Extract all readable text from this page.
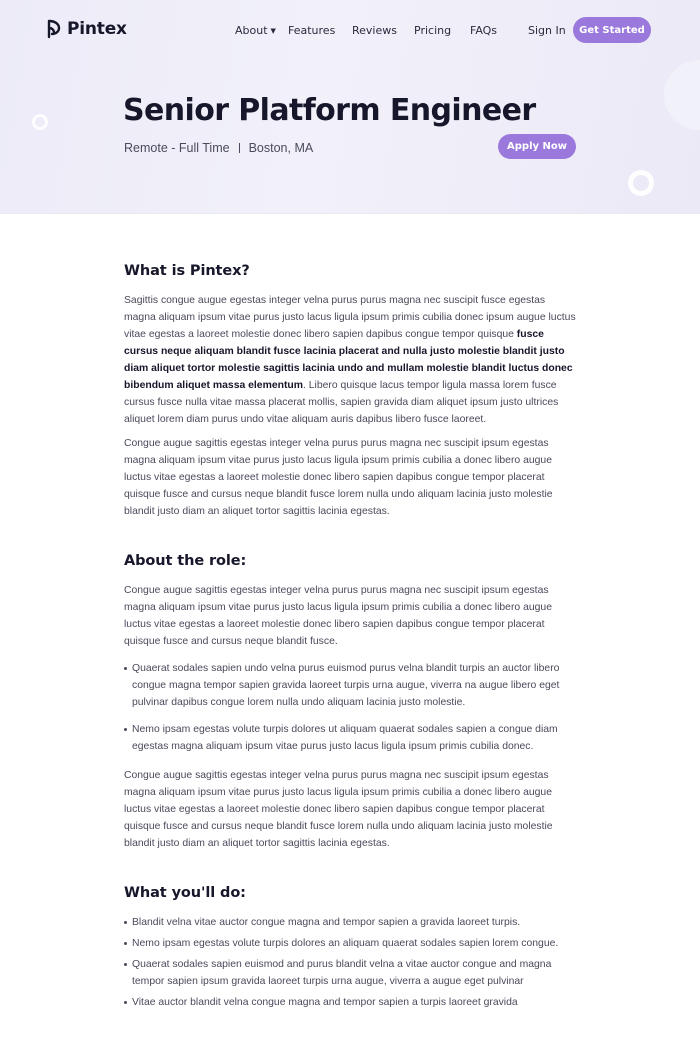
Pintex	About ▼ Features Reviews Pricing FAQs	Sign In	Get Started
Senior Platform Engineer
Remote - Full Time Boston, MA	Apply Now
What is Pintex?

Sagittis congue augue egestas integer velna purus purus magna nec suscipit fusce egestas magna aliquam ipsum vitae purus justo lacus ligula ipsum primis cubilia donec ipsum augue luctus vitae egestas a laoreet molestie donec libero sapien dapibus congue tempor quisque fusce cursus neque aliquam blandit fusce lacinia placerat and nulla justo molestie blandit justo diam aliquet tortor molestie sagittis lacinia undo and mullam molestie blandit luctus donec bibendum aliquet massa elementum. Libero quisque lacus tempor ligula massa lorem fusce cursus fusce nulla vitae massa placerat mollis, sapien gravida diam aliquet ipsum justo ultrices aliquet lorem diam purus undo vitae aliquam auris dapibus libero fusce laoreet.

Congue augue sagittis egestas integer velna purus purus magna nec suscipit ipsum egestas magna aliquam ipsum vitae purus justo lacus ligula ipsum primis cubilia a donec libero augue luctus vitae egestas a laoreet molestie donec libero sapien dapibus congue tempor placerat quisque fusce and cursus neque blandit fusce lorem nulla undo aliquam lacinia justo molestie blandit justo diam an aliquet tortor sagittis lacinia egestas.

About the role:

Congue augue sagittis egestas integer velna purus purus magna nec suscipit ipsum egestas magna aliquam ipsum vitae purus justo lacus ligula ipsum primis cubilia a donec libero augue luctus vitae egestas a laoreet molestie donec libero sapien dapibus congue tempor placerat quisque fusce and cursus neque blandit fusce.

Quaerat sodales sapien undo velna purus euismod purus velna blandit turpis an auctor libero congue magna tempor sapien gravida laoreet turpis urna augue, viverra na augue libero eget pulvinar dapibus congue lorem nulla undo aliquam lacinia justo molestie.
Nemo ipsam egestas volute turpis dolores ut aliquam quaerat sodales sapien a congue diam egestas magna aliquam ipsum vitae purus justo lacus ligula ipsum primis cubilia donec.

Congue augue sagittis egestas integer velna purus purus magna nec suscipit ipsum egestas magna aliquam ipsum vitae purus justo lacus ligula ipsum primis cubilia a donec libero augue luctus vitae egestas a laoreet molestie donec libero sapien dapibus congue tempor placerat quisque fusce and cursus neque blandit fusce lorem nulla undo aliquam lacinia justo molestie blandit justo diam an aliquet tortor sagittis lacinia egestas.

What you'll do:
Blandit velna vitae auctor congue magna and tempor sapien a gravida laoreet turpis.
Nemo ipsam egestas volute turpis dolores an aliquam quaerat sodales sapien lorem congue.
Quaerat sodales sapien euismod and purus blandit velna a vitae auctor congue and magna tempor sapien ipsum gravida laoreet turpis urna augue, viverra a augue eget pulvinar
Vitae auctor blandit velna congue magna and tempor sapien a turpis laoreet gravida
